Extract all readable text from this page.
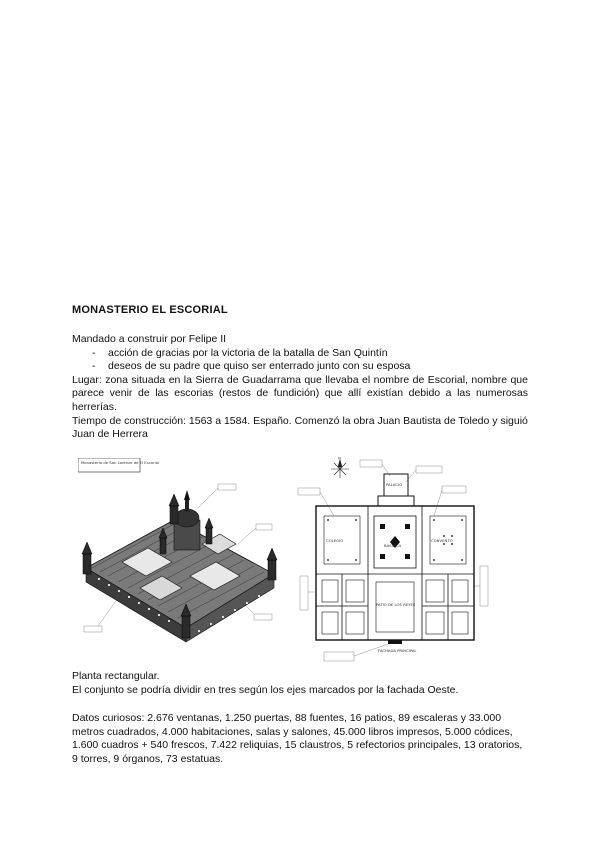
MONASTERIO EL ESCORIAL
Mandado a construir por Felipe II
- acción de gracias por la victoria de la batalla de San Quintín
- deseos de su padre que quiso ser enterrado junto con su esposa
Lugar: zona situada en la Sierra de Guadarrama que llevaba el nombre de Escorial, nombre que parece venir de las escorias (restos de fundición) que allí existían debido a las numerosas herrerías.
Tiempo de construcción: 1563 a 1584. Españo. Comenzó la obra Juan Bautista de Toledo y siguió Juan de Herrera
Monasterio de San Lorenzo de El Escorial
N
PATIO DE LOS REYES
BASILICA
PALACIO
COLEGIO	CONVENTO
FACHADA PRINCIPAL
Planta rectangular.
El conjunto se podría dividir en tres según los ejes marcados por la fachada Oeste.
Datos curiosos: 2.676 ventanas, 1.250 puertas, 88 fuentes, 16 patios, 89 escaleras y 33.000 metros cuadrados, 4.000 habitaciones, salas y salones, 45.000 libros impresos, 5.000 códices, 1.600 cuadros + 540 frescos, 7.422 reliquias, 15 claustros, 5 refectorios principales, 13 oratorios, 9 torres, 9 órganos, 73 estatuas.
